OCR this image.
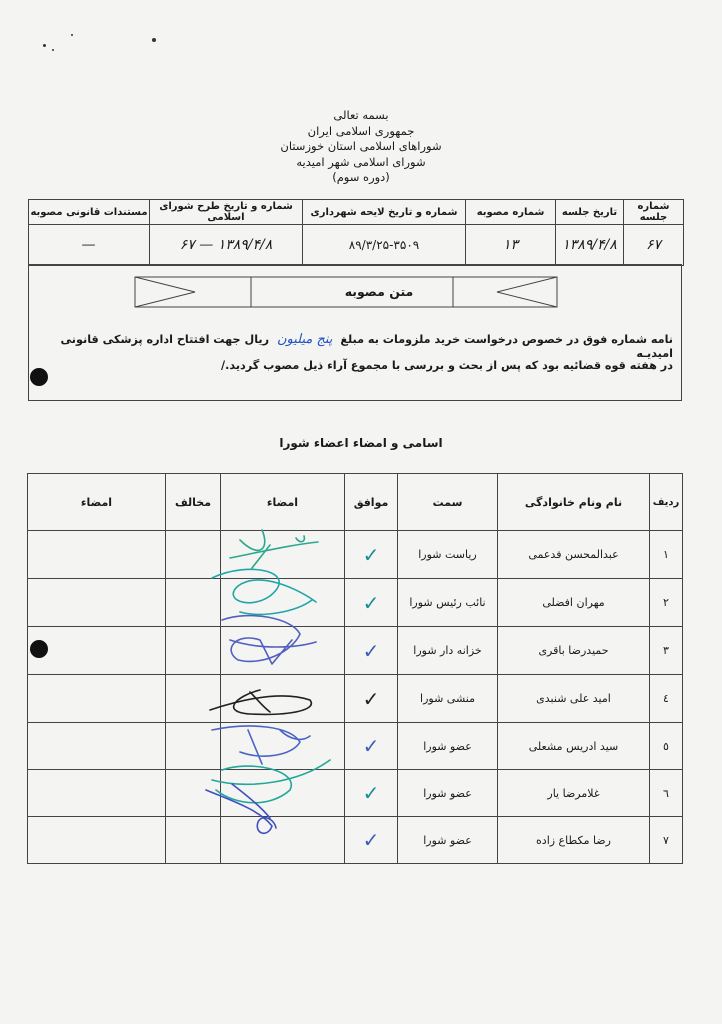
بسمه تعالی
جمهوری اسلامی ایران
شوراهای اسلامی استان خوزستان
شورای اسلامی شهر امیدیه
(دوره سوم)
شماره جلسه	تاریخ جلسه	شماره مصوبه	شماره و تاریخ لایحه شهرداری	شماره و تاریخ طرح شورای اسلامی	مستندات قانونی مصوبه
۶۷	۱۳۸۹/۴/۸	۱۳	۸۹/۳/۲۵-۳۵۰۹	۱۳۸۹/۴/۸ — ۶۷	—
متن مصوبه
نامه شماره فوق در خصوص درخواست خرید ملزومات به مبلغ پنج میلیون ریال جهت افتتاح اداره پزشکی قانونی امیدیـه
در هفته قوه قضائیه بود که پس از بحث و بررسی با مجموع آراء ذیل مصوب گردید./
اسامی و امضاء اعضاء شورا
ردیف	نام ونام خانوادگی	سمت	موافق	امضاء	مخالف	امضاء
۱	عبدالمحسن فدعمی	ریاست شورا	✓			
۲	مهران افضلی	نائب رئیس شورا	✓			
۳	حمیدرضا باقری	خزانه دار شورا	✓			
٤	امید علی شنبدی	منشی شورا	✓			
٥	سید ادریس مشعلی	عضو شورا	✓			
٦	غلامرضا یار	عضو شورا	✓			
۷	رضا مکطاع زاده	عضو شورا	✓			
